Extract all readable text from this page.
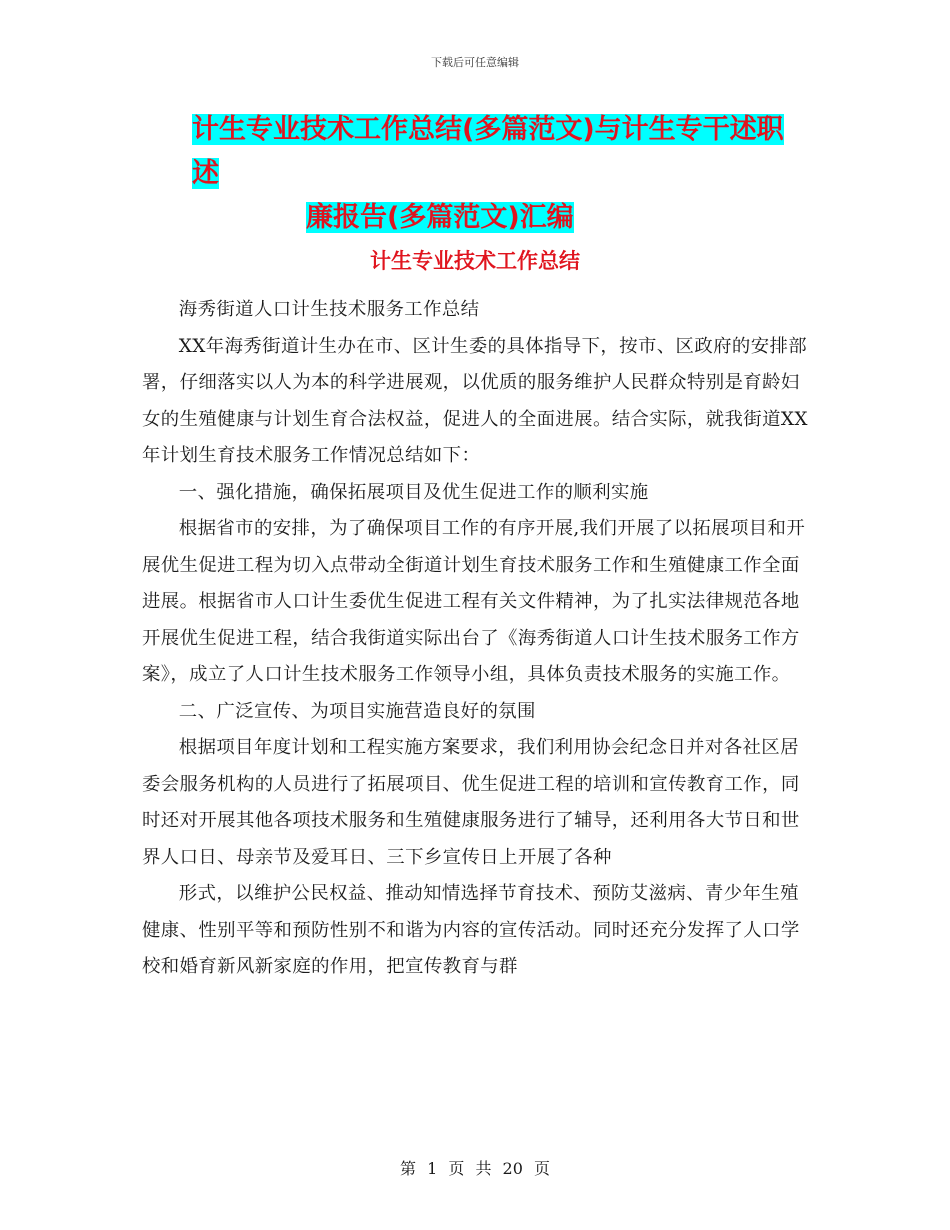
下载后可任意编辑
计生专业技术工作总结(多篇范文)与计生专干述职述
廉报告(多篇范文)汇编
计生专业技术工作总结

海秀街道人口计生技术服务工作总结

XX年海秀街道计生办在市、区计生委的具体指导下，按市、区政府的安排部署，仔细落实以人为本的科学进展观，以优质的服务维护人民群众特别是育龄妇女的生殖健康与计划生育合法权益，促进人的全面进展。结合实际，就我街道XX年计划生育技术服务工作情况总结如下：

一、强化措施，确保拓展项目及优生促进工作的顺利实施

根据省市的安排，为了确保项目工作的有序开展,我们开展了以拓展项目和开展优生促进工程为切入点带动全街道计划生育技术服务工作和生殖健康工作全面进展。根据省市人口计生委优生促进工程有关文件精神，为了扎实法律规范各地开展优生促进工程，结合我街道实际出台了《海秀街道人口计生技术服务工作方案》，成立了人口计生技术服务工作领导小组，具体负责技术服务的实施工作。

二、广泛宣传、为项目实施营造良好的氛围

根据项目年度计划和工程实施方案要求，我们利用协会纪念日并对各社区居委会服务机构的人员进行了拓展项目、优生促进工程的培训和宣传教育工作，同时还对开展其他各项技术服务和生殖健康服务进行了辅导，还利用各大节日和世界人口日、母亲节及爱耳日、三下乡宣传日上开展了各种

形式，以维护公民权益、推动知情选择节育技术、预防艾滋病、青少年生殖健康、性别平等和预防性别不和谐为内容的宣传活动。同时还充分发挥了人口学校和婚育新风新家庭的作用，把宣传教育与群

第 1 页 共 20 页
